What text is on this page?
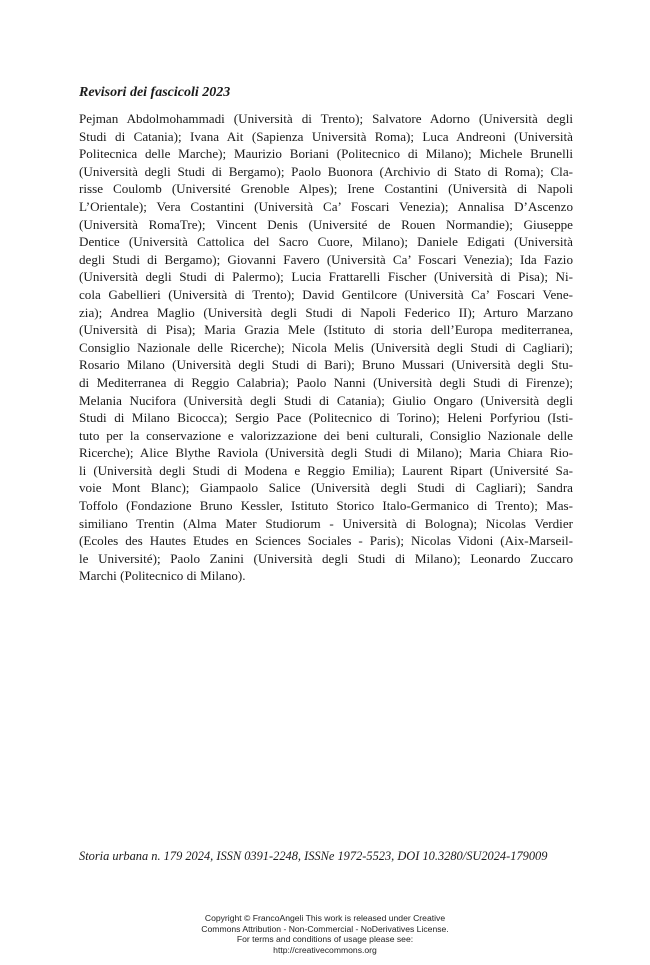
Revisori dei fascicoli 2023
Pejman Abdolmohammadi (Università di Trento); Salvatore Adorno (Università degli
Studi di Catania); Ivana Ait (Sapienza Università Roma); Luca Andreoni (Università
Politecnica delle Marche); Maurizio Boriani (Politecnico di Milano); Michele Brunelli
(Università degli Studi di Bergamo); Paolo Buonora (Archivio di Stato di Roma); Cla-
risse Coulomb (Université Grenoble Alpes); Irene Costantini (Università di Napoli
L’Orientale); Vera Costantini (Università Ca’ Foscari Venezia); Annalisa D’Ascenzo
(Università RomaTre); Vincent Denis (Université de Rouen Normandie); Giuseppe
Dentice (Università Cattolica del Sacro Cuore, Milano); Daniele Edigati (Università
degli Studi di Bergamo); Giovanni Favero (Università Ca’ Foscari Venezia); Ida Fazio
(Università degli Studi di Palermo); Lucia Frattarelli Fischer (Università di Pisa); Ni-
cola Gabellieri (Università di Trento); David Gentilcore (Università Ca’ Foscari Vene-
zia); Andrea Maglio (Università degli Studi di Napoli Federico II); Arturo Marzano
(Università di Pisa); Maria Grazia Mele (Istituto di storia dell’Europa mediterranea,
Consiglio Nazionale delle Ricerche); Nicola Melis (Università degli Studi di Cagliari);
Rosario Milano (Università degli Studi di Bari); Bruno Mussari (Università degli Stu-
di Mediterranea di Reggio Calabria); Paolo Nanni (Università degli Studi di Firenze);
Melania Nucifora (Università degli Studi di Catania); Giulio Ongaro (Università degli
Studi di Milano Bicocca); Sergio Pace (Politecnico di Torino); Heleni Porfyriou (Isti-
tuto per la conservazione e valorizzazione dei beni culturali, Consiglio Nazionale delle
Ricerche); Alice Blythe Raviola (Università degli Studi di Milano); Maria Chiara Rio-
li (Università degli Studi di Modena e Reggio Emilia); Laurent Ripart (Université Sa-
voie Mont Blanc); Giampaolo Salice (Università degli Studi di Cagliari); Sandra
Toffolo (Fondazione Bruno Kessler, Istituto Storico Italo-Germanico di Trento); Mas-
similiano Trentin (Alma Mater Studiorum - Università di Bologna); Nicolas Verdier
(Ecoles des Hautes Etudes en Sciences Sociales - Paris); Nicolas Vidoni (Aix-Marseil-
le Université); Paolo Zanini (Università degli Studi di Milano); Leonardo Zuccaro
Marchi (Politecnico di Milano).
Storia urbana n. 179 2024, ISSN 0391-2248, ISSNe 1972-5523, DOI 10.3280/SU2024-179009
Copyright © FrancoAngeli This work is released under Creative
Commons Attribution - Non-Commercial - NoDerivatives License.
For terms and conditions of usage please see:
http://creativecommons.org
